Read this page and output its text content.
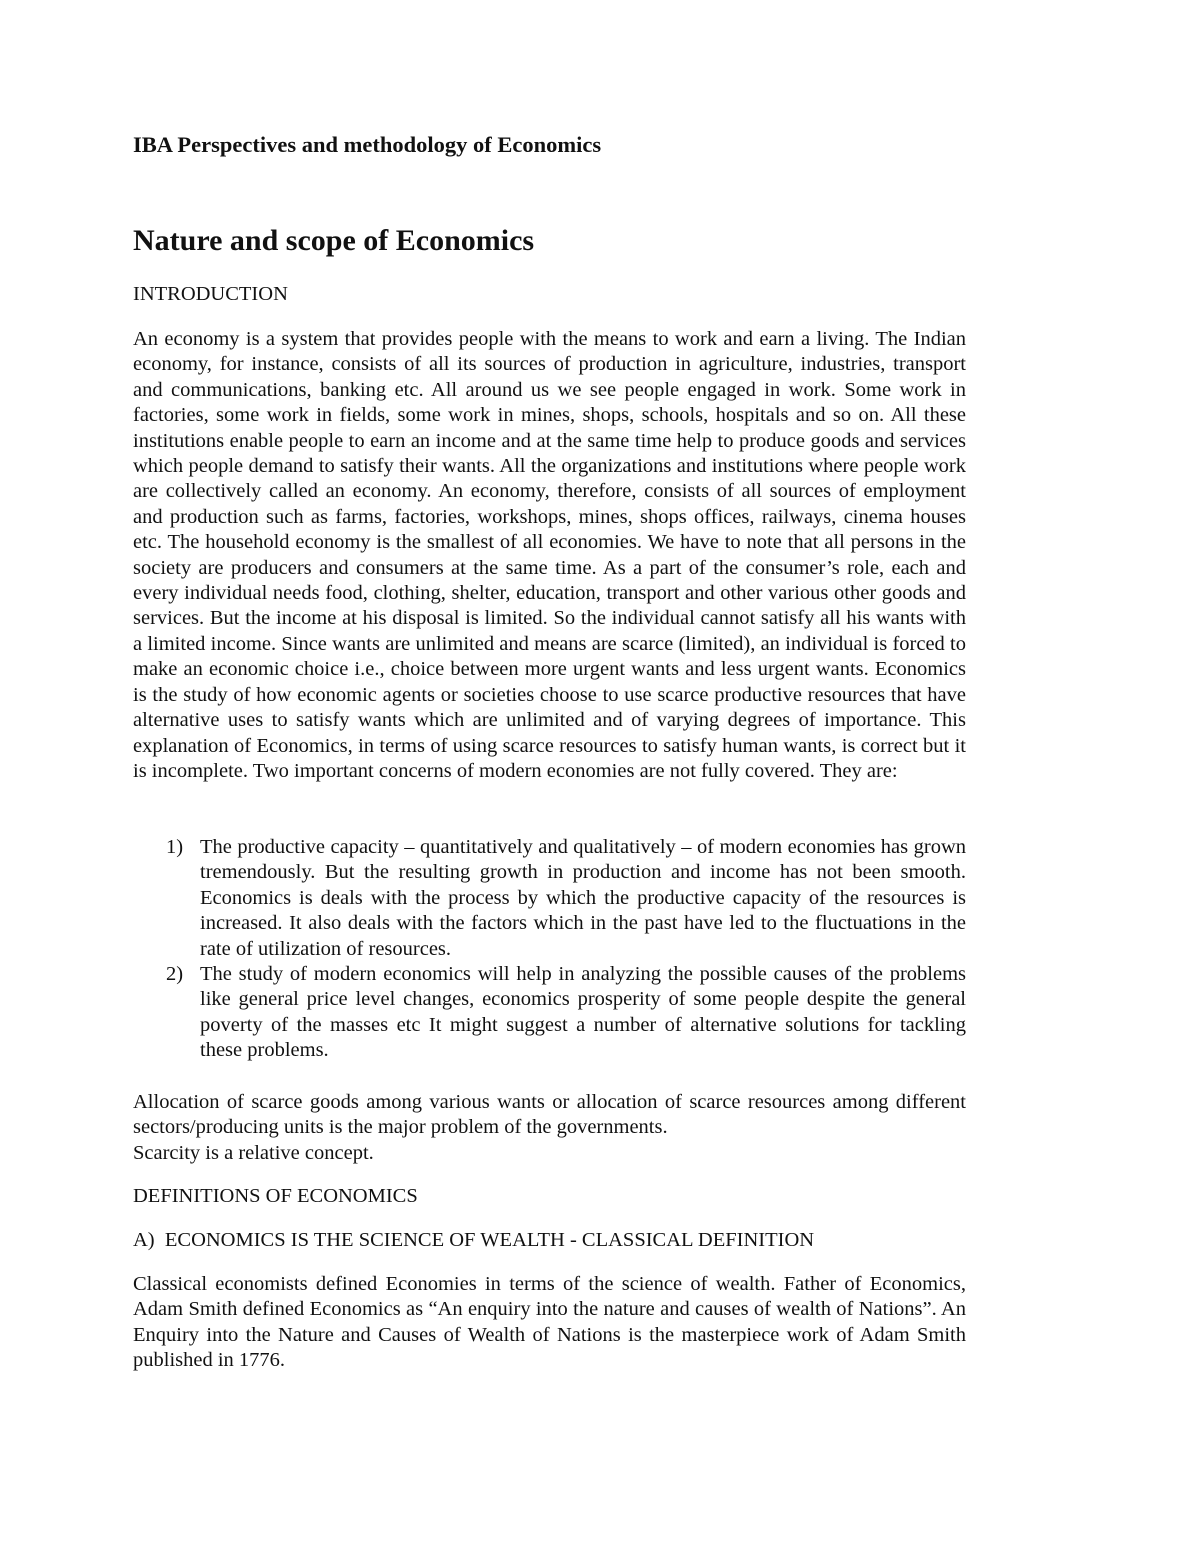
IBA Perspectives and methodology of Economics
Nature and scope of Economics
INTRODUCTION

An economy is a system that provides people with the means to work and earn a living. The Indian economy, for instance, consists of all its sources of production in agriculture, industries, transport and communications, banking etc. All around us we see people engaged in work. Some work in factories, some work in fields, some work in mines, shops, schools, hospitals and so on. All these institutions enable people to earn an income and at the same time help to produce goods and services which people demand to satisfy their wants. All the organizations and institutions where people work are collectively called an economy. An economy, therefore, consists of all sources of employment and production such as farms, factories, workshops, mines, shops offices, railways, cinema houses etc. The household economy is the smallest of all economies. We have to note that all persons in the society are producers and consumers at the same time. As a part of the consumer’s role, each and every individual needs food, clothing, shelter, education, transport and other various other goods and services. But the income at his disposal is limited. So the individual cannot satisfy all his wants with a limited income. Since wants are unlimited and means are scarce (limited), an individual is forced to make an economic choice i.e., choice between more urgent wants and less urgent wants. Economics is the study of how economic agents or societies choose to use scarce productive resources that have alternative uses to satisfy wants which are unlimited and of varying degrees of importance. This explanation of Economics, in terms of using scarce resources to satisfy human wants, is correct but it is incomplete. Two important concerns of modern economies are not fully covered. They are:

1) The productive capacity – quantitatively and qualitatively – of modern economies has grown tremendously. But the resulting growth in production and income has not been smooth. Economics is deals with the process by which the productive capacity of the resources is increased. It also deals with the factors which in the past have led to the fluctuations in the rate of utilization of resources.
2) The study of modern economics will help in analyzing the possible causes of the problems like general price level changes, economics prosperity of some people despite the general poverty of the masses etc It might suggest a number of alternative solutions for tackling these problems.

Allocation of scarce goods among various wants or allocation of scarce resources among different sectors/producing units is the major problem of the governments.

Scarcity is a relative concept.

DEFINITIONS OF ECONOMICS
A)  ECONOMICS IS THE SCIENCE OF WEALTH - CLASSICAL DEFINITION

Classical economists defined Economies in terms of the science of wealth. Father of Economics, Adam Smith defined Economics as “An enquiry into the nature and causes of wealth of Nations”. An Enquiry into the Nature and Causes of Wealth of Nations is the masterpiece work of Adam Smith published in 1776.
